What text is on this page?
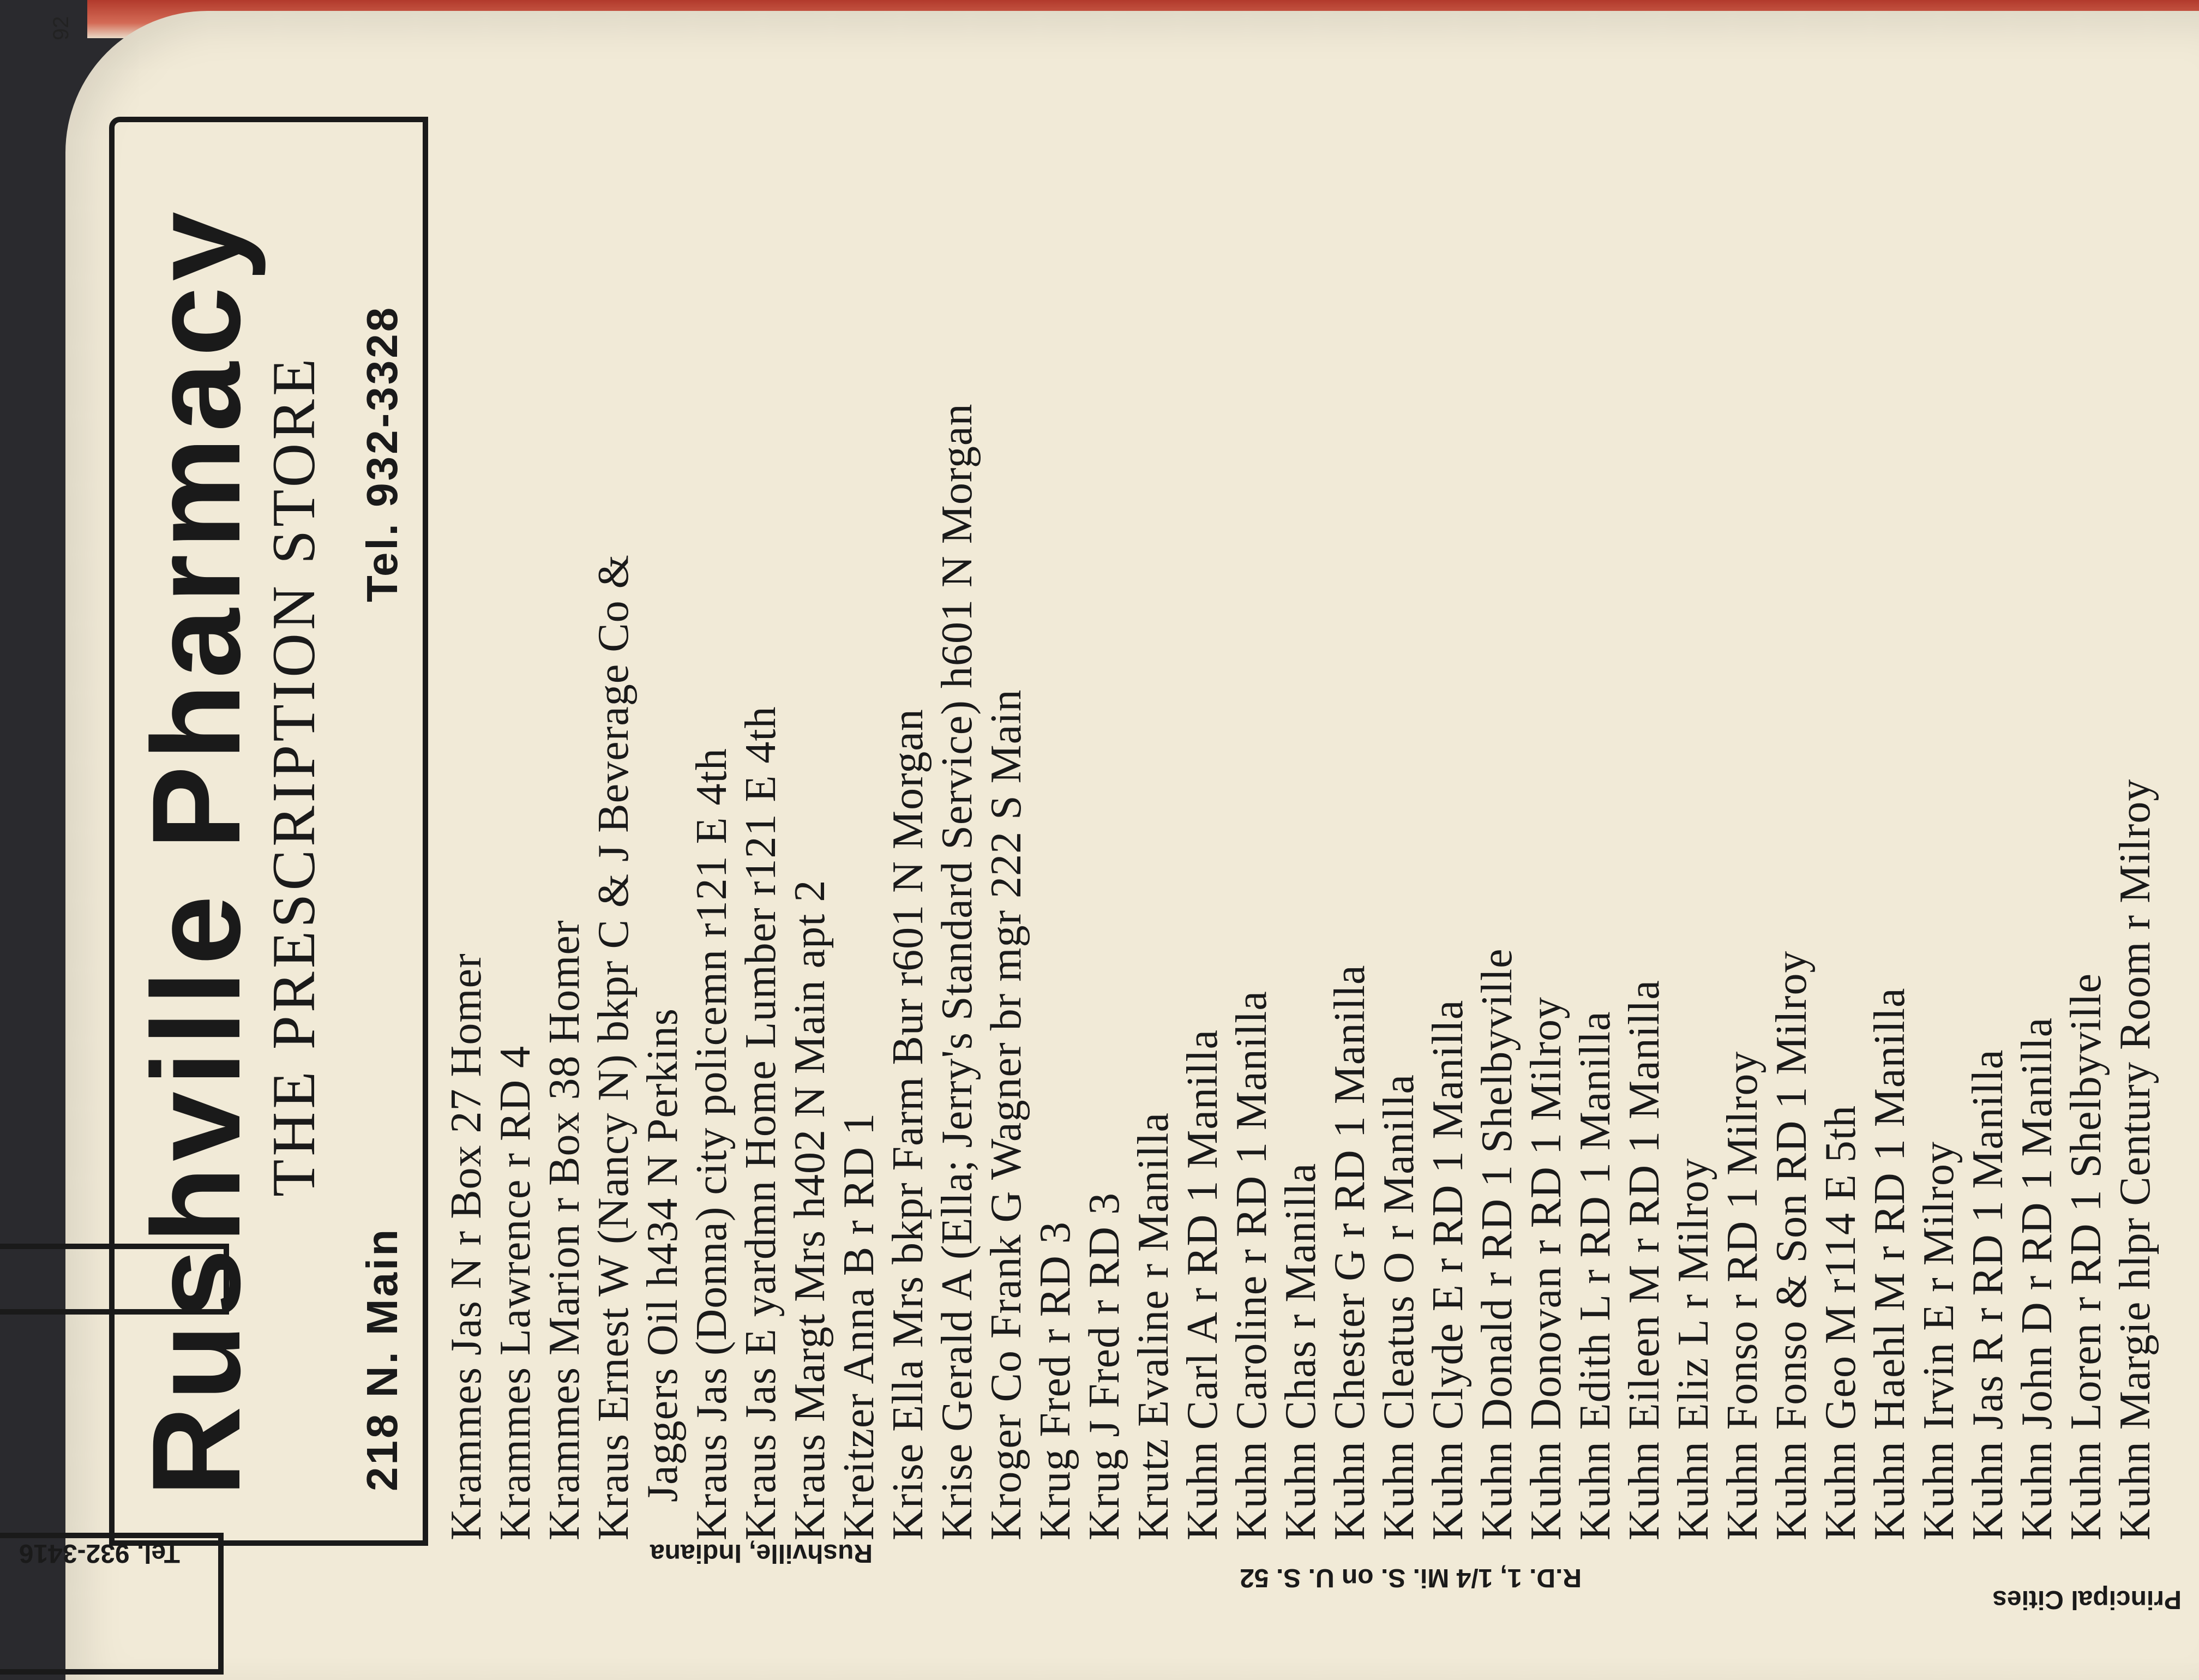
Tel. 932-3416	Rushville, Indiana
R.D. 1, 1/4 Mi. S. on U. S. 52
Principal Cities
92
Rushville Pharmacy
THE PRESCRIPTION STORE
218 N. Main
Tel. 932-3328
Krammes Jas N r Box 27 Homer Krammes Lawrence r RD 4 Krammes Marion r Box 38 Homer Kraus Ernest W (Nancy N) bkpr C & J Beverage Co & Jaggers Oil h434 N Perkins Kraus Jas (Donna) city policemn r121 E 4th Kraus Jas E yardmn Home Lumber r121 E 4th Kraus Margt Mrs h402 N Main apt 2 Kreitzer Anna B r RD 1 Krise Ella Mrs bkpr Farm Bur r601 N Morgan Krise Gerald A (Ella; Jerry's Standard Service) h601 N Morgan Kroger Co Frank G Wagner br mgr 222 S Main Krug Fred r RD 3 Krug J Fred r RD 3 Krutz Evaline r Manilla Kuhn Carl A r RD 1 Manilla Kuhn Caroline r RD 1 Manilla Kuhn Chas r Manilla Kuhn Chester G r RD 1 Manilla Kuhn Cleatus O r Manilla Kuhn Clyde E r RD 1 Manilla Kuhn Donald r RD 1 Shelbyville Kuhn Donovan r RD 1 Milroy Kuhn Edith L r RD 1 Manilla Kuhn Eileen M r RD 1 Manilla Kuhn Eliz L r Milroy Kuhn Fonso r RD 1 Milroy Kuhn Fonso & Son RD 1 Milroy Kuhn Geo M r114 E 5th Kuhn Haehl M r RD 1 Manilla Kuhn Irvin E r Milroy Kuhn Jas R r RD 1 Manilla Kuhn John D r RD 1 Manilla Kuhn Loren r RD 1 Shelbyville Kuhn Margie hlpr Century Room r Milroy
